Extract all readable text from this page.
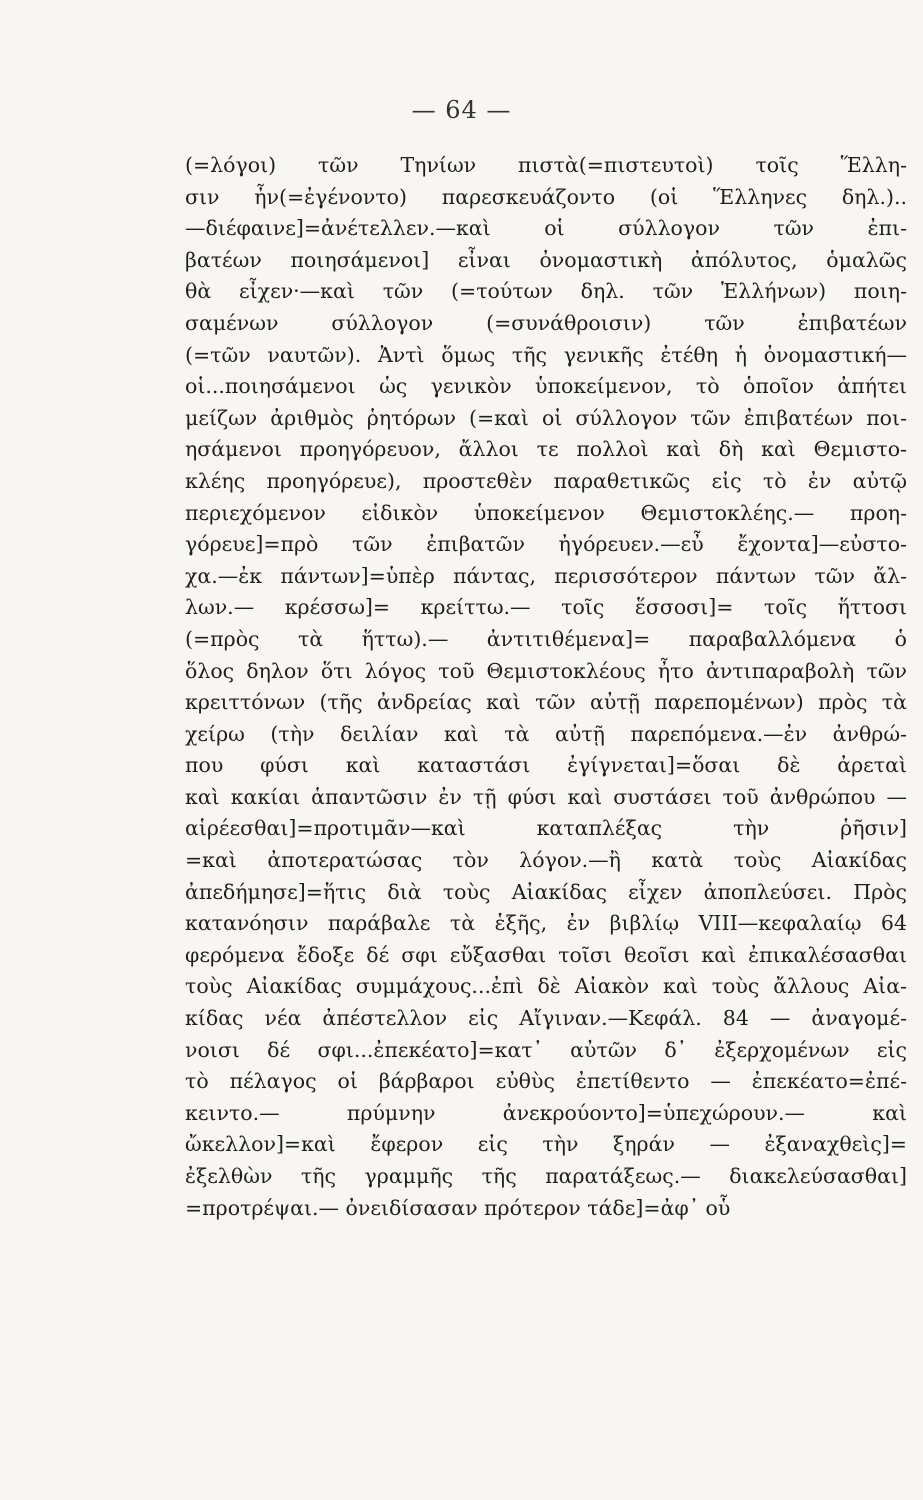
— 64 —
(=λόγοι) τῶν Τηνίων πιστὰ(=πιστευτοὶ) τοῖς Ἕλλη-
σιν ἦν(=ἐγένοντο) παρεσκευάζοντο (οἱ Ἕλληνες δηλ.)..
—διέφαινε]=ἀνέτελλεν.—καὶ οἱ σύλλογον τῶν ἐπι-
βατέων ποιησάμενοι] εἶναι ὀνομαστικὴ ἀπόλυτος, ὁμαλῶς
θὰ εἶχεν·—καὶ τῶν (=τούτων δηλ. τῶν Ἑλλήνων) ποιη-
σαμένων σύλλογον (=συνάθροισιν) τῶν ἐπιβατέων
(=τῶν ναυτῶν). Ἀντὶ ὅμως τῆς γενικῆς ἐτέθη ἡ ὀνομαστική—
οἱ...ποιησάμενοι ὡς γενικὸν ὑποκείμενον, τὸ ὁποῖον ἀπήτει
μείζων ἀριθμὸς ῥητόρων (=καὶ οἱ σύλλογον τῶν ἐπιβατέων ποι-
ησάμενοι προηγόρευον, ἄλλοι τε πολλοὶ καὶ δὴ καὶ Θεμιστο-
κλέης προηγόρευε), προστεθὲν παραθετικῶς εἰς τὸ ἐν αὐτῷ
περιεχόμενον εἰδικὸν ὑποκείμενον Θεμιστοκλέης.— προη-
γόρευε]=πρὸ τῶν ἐπιβατῶν ἠγόρευεν.—εὖ ἔχοντα]—εὐστο-
χα.—ἐκ πάντων]=ὑπὲρ πάντας, περισσότερον πάντων τῶν ἄλ-
λων.— κρέσσω]= κρείττω.— τοῖς ἕσσοσι]= τοῖς ἥττοσι
(=πρὸς τὰ ἥττω).— ἀντιτιθέμενα]= παραβαλλόμενα ὁ
ὅλος δηλον ὅτι λόγος τοῦ Θεμιστοκλέους ἦτο ἀντιπαραβολὴ τῶν
κρειττόνων (τῆς ἀνδρείας καὶ τῶν αὐτῇ παρεπομένων) πρὸς τὰ
χείρω (τὴν δειλίαν καὶ τὰ αὐτῇ παρεπόμενα.—ἐν ἀνθρώ-
που φύσι καὶ καταστάσι ἐγίγνεται]=ὅσαι δὲ ἀρεταὶ
καὶ κακίαι ἁπαντῶσιν ἐν τῇ φύσι καὶ συστάσει τοῦ ἀνθρώπου —
αἱρέεσθαι]=προτιμᾶν—καὶ καταπλέξας τὴν ῥῆσιν]
=καὶ ἀποτερατώσας τὸν λόγον.—ἢ κατὰ τοὺς Αἰακίδας
ἀπεδήμησε]=ἥτις διὰ τοὺς Αἰακίδας εἶχεν ἀποπλεύσει. Πρὸς
κατανόησιν παράβαλε τὰ ἑξῆς, ἐν βιβλίῳ VIII—κεφαλαίῳ 64
φερόμενα ἔδοξε δέ σφι εὔξασθαι τοῖσι θεοῖσι καὶ ἐπικαλέσασθαι
τοὺς Αἰακίδας συμμάχους...ἐπὶ δὲ Αἰακὸν καὶ τοὺς ἄλλους Αἰα-
κίδας νέα ἀπέστελλον εἰς Αἴγιναν.—Κεφάλ. 84 — ἀναγομέ-
νοισι δέ σφι...ἐπεκέατο]=κατ᾽ αὐτῶν δ᾽ ἐξερχομένων εἰς
τὸ πέλαγος οἱ βάρβαροι εὐθὺς ἐπετίθεντο — ἐπεκέατο=ἐπέ-
κειντο.— πρύμνην ἀνεκρούοντο]=ὑπεχώρουν.— καὶ
ὤκελλον]=καὶ ἔφερον εἰς τὴν ξηράν — ἐξαναχθεὶς]=
ἐξελθὼν τῆς γραμμῆς τῆς παρατάξεως.— διακελεύσασθαι]
=προτρέψαι.— ὀνειδίσασαν πρότερον τάδε]=ἀφ᾽ οὗ
